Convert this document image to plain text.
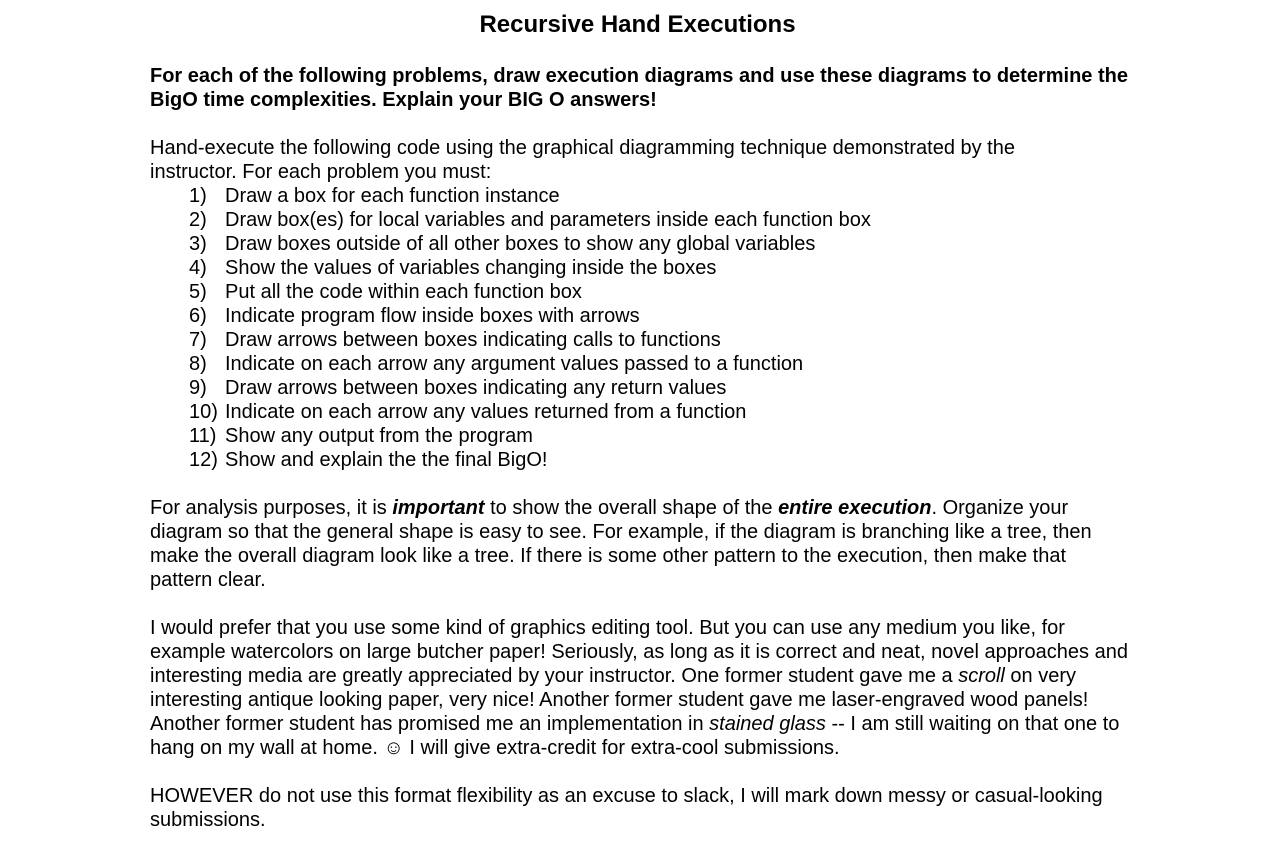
Recursive Hand Executions

For each of the following problems, draw execution diagrams and use these diagrams to determine the BigO time complexities. Explain your BIG O answers!

Hand-execute the following code using the graphical diagramming technique demonstrated by the
instructor. For each problem you must:

1) Draw a box for each function instance
2) Draw box(es) for local variables and parameters inside each function box
3) Draw boxes outside of all other boxes to show any global variables
4) Show the values of variables changing inside the boxes
5) Put all the code within each function box
6) Indicate program flow inside boxes with arrows
7) Draw arrows between boxes indicating calls to functions
8) Indicate on each arrow any argument values passed to a function
9) Draw arrows between boxes indicating any return values
10) Indicate on each arrow any values returned from a function
11) Show any output from the program
12) Show and explain the the final BigO!

For analysis purposes, it is important to show the overall shape of the entire execution. Organize your diagram so that the general shape is easy to see. For example, if the diagram is branching like a tree, then make the overall diagram look like a tree. If there is some other pattern to the execution, then make that pattern clear.

I would prefer that you use some kind of graphics editing tool. But you can use any medium you like, for example watercolors on large butcher paper! Seriously, as long as it is correct and neat, novel approaches and interesting media are greatly appreciated by your instructor. One former student gave me a scroll on very interesting antique looking paper, very nice! Another former student gave me laser-engraved wood panels! Another former student has promised me an implementation in stained glass -- I am still waiting on that one to hang on my wall at home. ☺ I will give extra-credit for extra-cool submissions.

HOWEVER do not use this format flexibility as an excuse to slack, I will mark down messy or casual-looking submissions.
